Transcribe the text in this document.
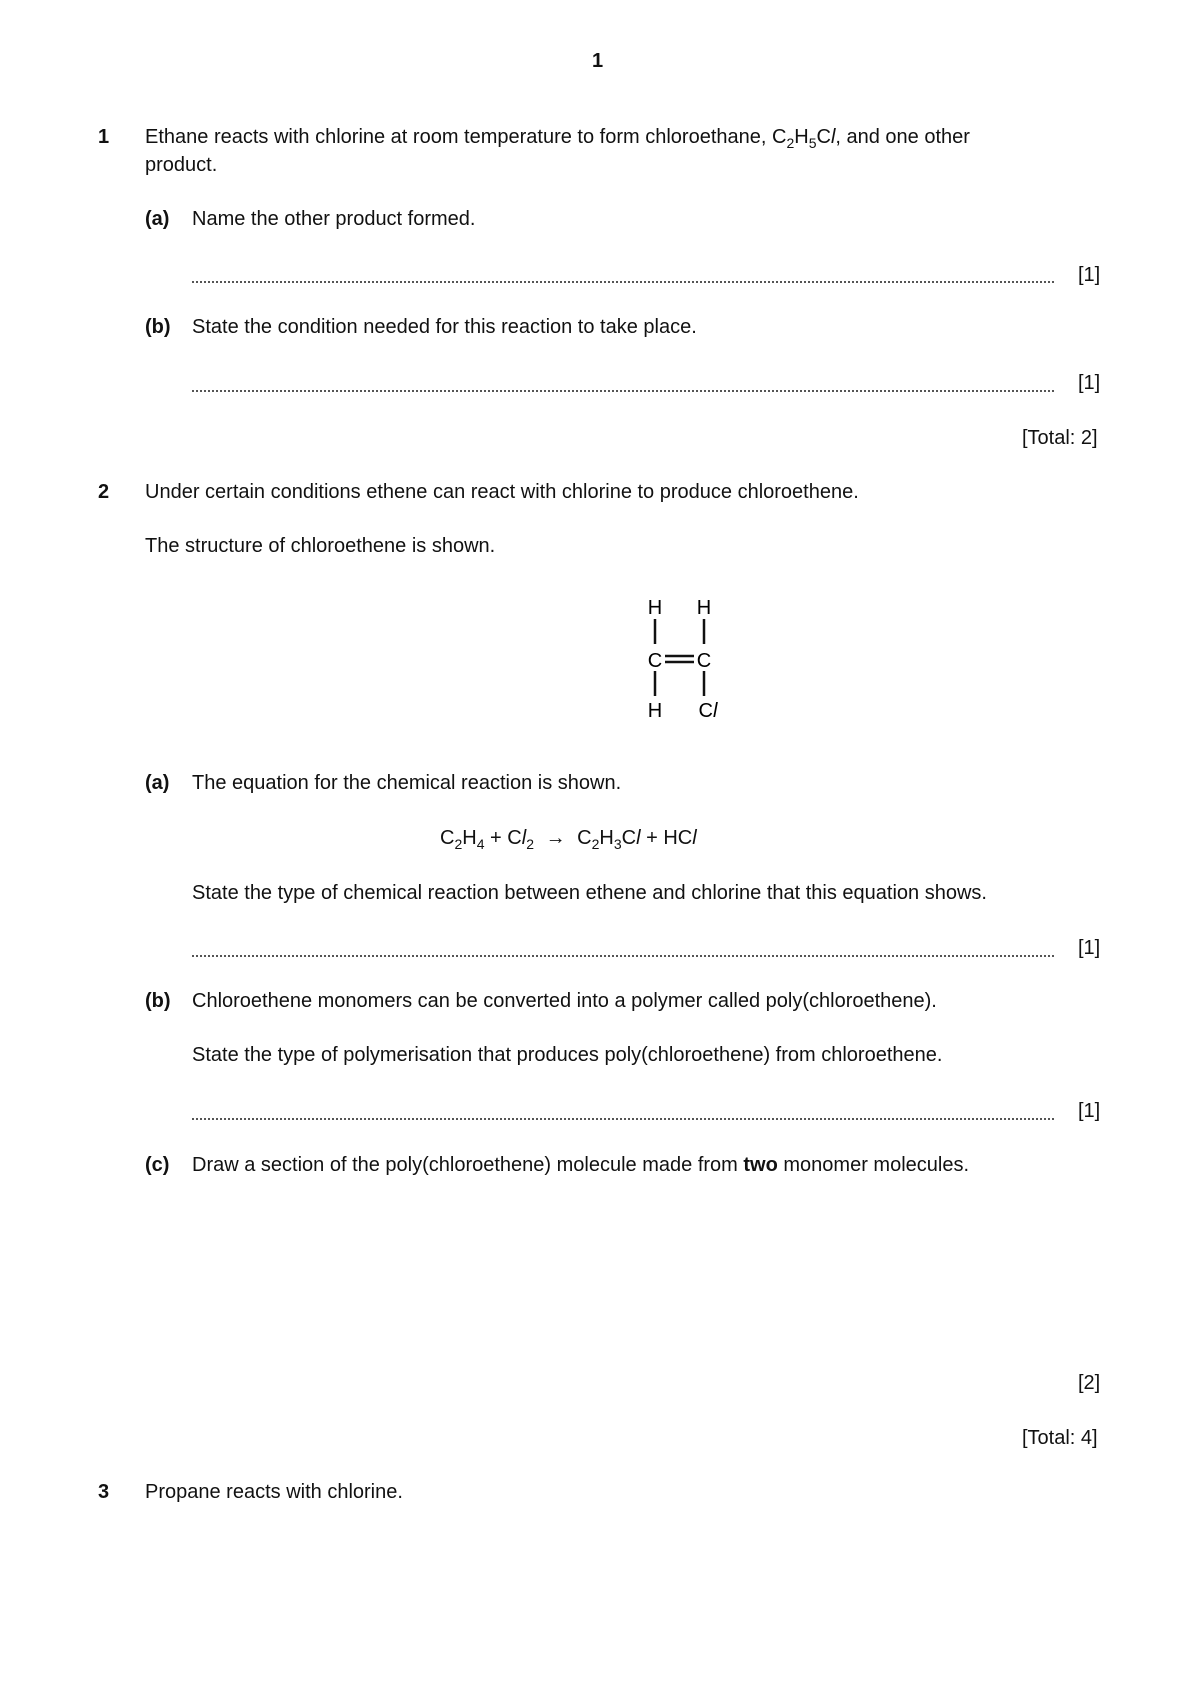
1
1 Ethane reacts with chlorine at room temperature to form chloroethane, $C_2H_5Cl$, and one other
product.
(a) Name the other product formed.
[1]
(b) State the condition needed for this reaction to take place.
[1]
[Total: 2]
2 Under certain conditions ethene can react with chlorine to produce chloroethene.
The structure of chloroethene is shown.
H H
C C
H Cl
(a) The equation for the chemical reaction is shown.
$C_2H_4 + Cl_2 \to C_2H_3Cl$ + HCl
State the type of chemical reaction between ethene and chlorine that this equation shows.
[1]
(b) Chloroethene monomers can be converted into a polymer called poly(chloroethene).
State the type of polymerisation that produces poly(chloroethene) from chloroethene.
[1]
(c) Draw a section of the poly(chloroethene) molecule made from two monomer molecules.
[2]
[Total: 4]
3 Propane reacts with chlorine.
